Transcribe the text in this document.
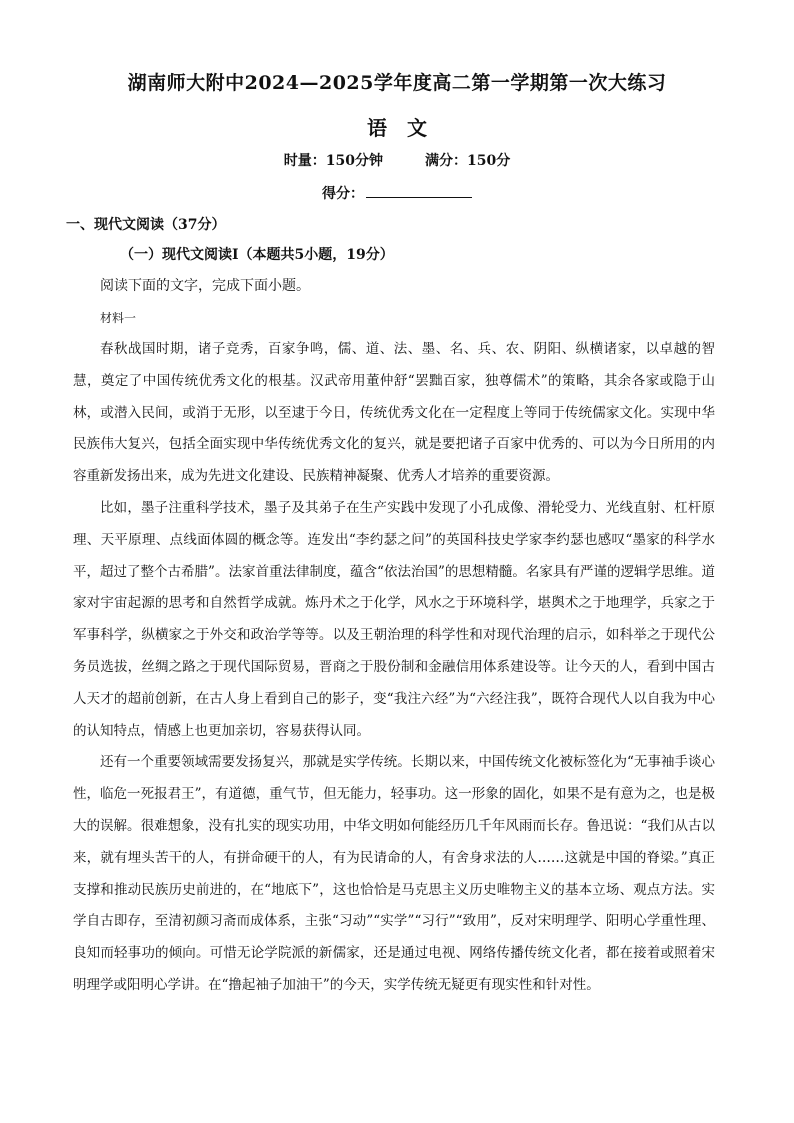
湖南师大附中2024—2025学年度高二第一学期第一次大练习
语 文
时量：150分钟	满分：150分
得分：
一、现代文阅读（37分）
（一）现代文阅读Ⅰ（本题共5小题，19分）
阅读下面的文字，完成下面小题。
材料一

春秋战国时期，诸子竞秀，百家争鸣，儒、道、法、墨、名、兵、农、阴阳、纵横诸家，以卓越的智慧，奠定了中国传统优秀文化的根基。汉武帝用董仲舒“罢黜百家，独尊儒术”的策略，其余各家或隐于山林，或潜入民间，或消于无形，以至逮于今日，传统优秀文化在一定程度上等同于传统儒家文化。实现中华民族伟大复兴，包括全面实现中华传统优秀文化的复兴，就是要把诸子百家中优秀的、可以为今日所用的内容重新发扬出来，成为先进文化建设、民族精神凝聚、优秀人才培养的重要资源。

比如，墨子注重科学技术，墨子及其弟子在生产实践中发现了小孔成像、滑轮受力、光线直射、杠杆原理、天平原理、点线面体圆的概念等。连发出“李约瑟之问”的英国科技史学家李约瑟也感叹“墨家的科学水平，超过了整个古希腊”。法家首重法律制度，蕴含“依法治国”的思想精髓。名家具有严谨的逻辑学思维。道家对宇宙起源的思考和自然哲学成就。炼丹术之于化学，风水之于环境科学，堪舆术之于地理学，兵家之于军事科学，纵横家之于外交和政治学等等。以及王朝治理的科学性和对现代治理的启示，如科举之于现代公务员选拔，丝绸之路之于现代国际贸易，晋商之于股份制和金融信用体系建设等。让今天的人，看到中国古人天才的超前创新，在古人身上看到自己的影子，变“我注六经”为“六经注我”，既符合现代人以自我为中心的认知特点，情感上也更加亲切，容易获得认同。

还有一个重要领域需要发扬复兴，那就是实学传统。长期以来，中国传统文化被标签化为“无事袖手谈心性，临危一死报君王”，有道德，重气节，但无能力，轻事功。这一形象的固化，如果不是有意为之，也是极大的误解。很难想象，没有扎实的现实功用，中华文明如何能经历几千年风雨而长存。鲁迅说：“我们从古以来，就有埋头苦干的人，有拼命硬干的人，有为民请命的人，有舍身求法的人……这就是中国的脊梁。”真正支撑和推动民族历史前进的，在“地底下”，这也恰恰是马克思主义历史唯物主义的基本立场、观点方法。实学自古即存，至清初颜习斋而成体系，主张“习动”“实学”“习行”“致用”，反对宋明理学、阳明心学重性理、良知而轻事功的倾向。可惜无论学院派的新儒家，还是通过电视、网络传播传统文化者，都在接着或照着宋明理学或阳明心学讲。在“撸起袖子加油干”的今天，实学传统无疑更有现实性和针对性。
